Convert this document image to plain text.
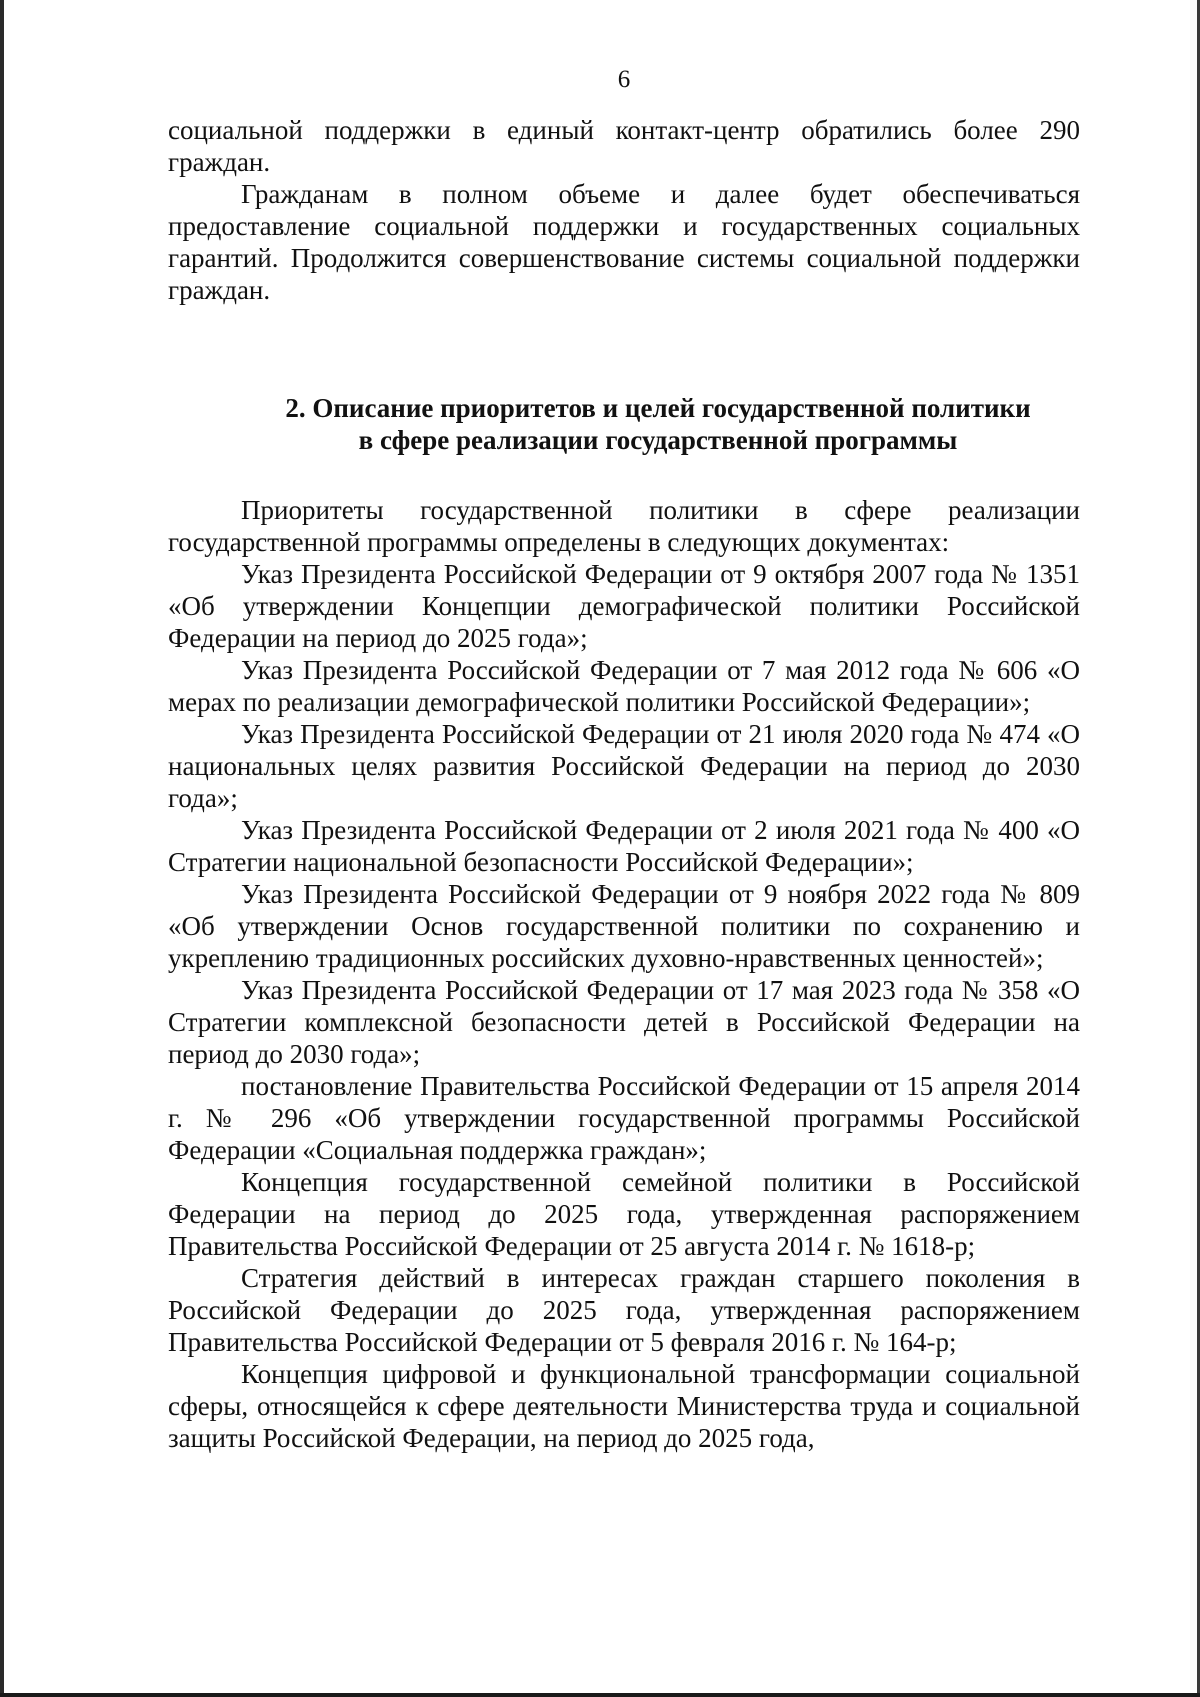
6

социальной поддержки в единый контакт-центр обратились более 290 граждан.

Гражданам в полном объеме и далее будет обеспечиваться предоставление социальной поддержки и государственных социальных гарантий. Продолжится совершенствование системы социальной поддержки граждан.

2. Описание приоритетов и целей государственной политики
в сфере реализации государственной программы

Приоритеты государственной политики в сфере реализации государственной программы определены в следующих документах:

Указ Президента Российской Федерации от 9 октября 2007 года № 1351 «Об утверждении Концепции демографической политики Российской Федерации на период до 2025 года»;

Указ Президента Российской Федерации от 7 мая 2012 года № 606 «О мерах по реализации демографической политики Российской Федерации»;

Указ Президента Российской Федерации от 21 июля 2020 года № 474 «О национальных целях развития Российской Федерации на период до 2030 года»;

Указ Президента Российской Федерации от 2 июля 2021 года № 400 «О Стратегии национальной безопасности Российской Федерации»;

Указ Президента Российской Федерации от 9 ноября 2022 года № 809 «Об утверждении Основ государственной политики по сохранению и укреплению традиционных российских духовно-нравственных ценностей»;

Указ Президента Российской Федерации от 17 мая 2023 года № 358 «О Стратегии комплексной безопасности детей в Российской Федерации на период до 2030 года»;

постановление Правительства Российской Федерации от 15 апреля 2014 г. № 296 «Об утверждении государственной программы Российской Федерации «Социальная поддержка граждан»;

Концепция государственной семейной политики в Российской Федерации на период до 2025 года, утвержденная распоряжением Правительства Российской Федерации от 25 августа 2014 г. № 1618-р;

Стратегия действий в интересах граждан старшего поколения в Российской Федерации до 2025 года, утвержденная распоряжением Правительства Российской Федерации от 5 февраля 2016 г. № 164-р;

Концепция цифровой и функциональной трансформации социальной сферы, относящейся к сфере деятельности Министерства труда и социальной защиты Российской Федерации, на период до 2025 года,
